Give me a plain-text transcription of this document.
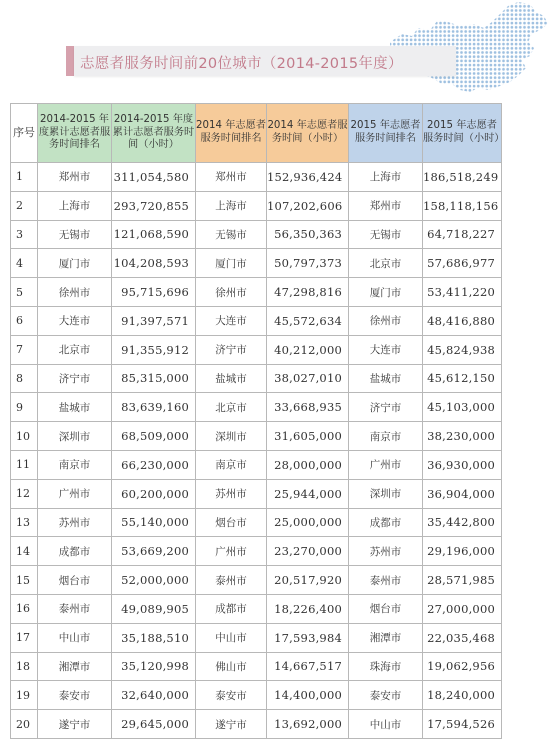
志愿者服务时间前20位城市（2014-2015年度）
序号	2014-2015 年度累计志愿者服务时间排名	2014-2015 年度累计志愿者服务时间（小时）	2014 年志愿者服务时间排名	2014 年志愿者服务时间（小时）	2015 年志愿者服务时间排名	2015 年志愿者服务时间（小时）
1	郑州市	311,054,580	郑州市	152,936,424	上海市	186,518,249
2	上海市	293,720,855	上海市	107,202,606	郑州市	158,118,156
3	无锡市	121,068,590	无锡市	56,350,363	无锡市	64,718,227
4	厦门市	104,208,593	厦门市	50,797,373	北京市	57,686,977
5	徐州市	95,715,696	徐州市	47,298,816	厦门市	53,411,220
6	大连市	91,397,571	大连市	45,572,634	徐州市	48,416,880
7	北京市	91,355,912	济宁市	40,212,000	大连市	45,824,938
8	济宁市	85,315,000	盐城市	38,027,010	盐城市	45,612,150
9	盐城市	83,639,160	北京市	33,668,935	济宁市	45,103,000
10	深圳市	68,509,000	深圳市	31,605,000	南京市	38,230,000
11	南京市	66,230,000	南京市	28,000,000	广州市	36,930,000
12	广州市	60,200,000	苏州市	25,944,000	深圳市	36,904,000
13	苏州市	55,140,000	烟台市	25,000,000	成都市	35,442,800
14	成都市	53,669,200	广州市	23,270,000	苏州市	29,196,000
15	烟台市	52,000,000	泰州市	20,517,920	泰州市	28,571,985
16	泰州市	49,089,905	成都市	18,226,400	烟台市	27,000,000
17	中山市	35,188,510	中山市	17,593,984	湘潭市	22,035,468
18	湘潭市	35,120,998	佛山市	14,667,517	珠海市	19,062,956
19	泰安市	32,640,000	泰安市	14,400,000	泰安市	18,240,000
20	遂宁市	29,645,000	遂宁市	13,692,000	中山市	17,594,526
